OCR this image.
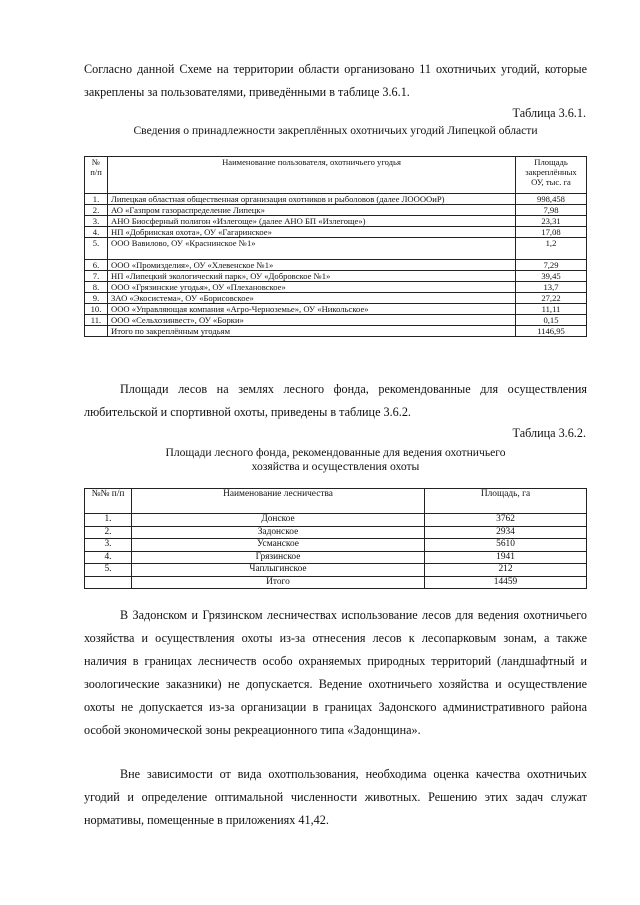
Согласно данной Схеме на территории области организовано 11 охотничьих угодий, которые закреплены за пользователями, приведёнными в таблице 3.6.1.

Таблица 3.6.1.
Сведения о принадлежности закреплённых охотничьих угодий Липецкой области
№ п/п	Наименование пользователя, охотничьего угодья	Площадь закреплённых ОУ, тыс. га
1.	Липецкая областная общественная организация охотников и рыболовов (далее ЛООООиР)	998,458
2.	АО «Газпром газораспределение Липецк»	7,98
3.	АНО Биосферный полигон «Излегоще» (далее АНО БП «Излегоще»)	23,31
4.	НП «Добринская охота», ОУ «Гагаринское»	17,08
5.	ООО Вавилово, ОУ «Краснинское №1»	1,2
6.	ООО «Промизделия», ОУ «Хлевенское №1»	7,29
7.	НП «Липецкий экологический парк», ОУ «Добровское №1»	39,45
8.	ООО «Грязинские угодья», ОУ «Плехановское»	13,7
9.	ЗАО «Экосистема», ОУ «Борисовское»	27,22
10.	ООО «Управляющая компания «Агро-Черноземье», ОУ «Никольское»	11,11
11.	ООО «Сельхозинвест», ОУ «Борки»	0,15
	Итого по закреплённым угодьям	1146,95

Площади лесов на землях лесного фонда, рекомендованные для осуществления любительской и спортивной охоты, приведены в таблице 3.6.2.

Таблица 3.6.2.
Площади лесного фонда, рекомендованные для ведения охотничьего
хозяйства и осуществления охоты
№№ п/п	Наименование лесничества	Площадь, га
1.	Донское	3762
2.	Задонское	2934
3.	Усманское	5610
4.	Грязинское	1941
5.	Чаплыгинское	212
	Итого	14459

В Задонском и Грязинском лесничествах использование лесов для ведения охотничьего хозяйства и осуществления охоты из-за отнесения лесов к лесопарковым зонам, а также наличия в границах лесничеств особо охраняемых природных территорий (ландшафтный и зоологические заказники) не допускается. Ведение охотничьего хозяйства и осуществление охоты не допускается из-за организации в границах Задонского административного района особой экономической зоны рекреационного типа «Задонщина».

Вне зависимости от вида охотпользования, необходима оценка качества охотничьих угодий и определение оптимальной численности животных. Решению этих задач служат нормативы, помещенные в приложениях 41,42.
